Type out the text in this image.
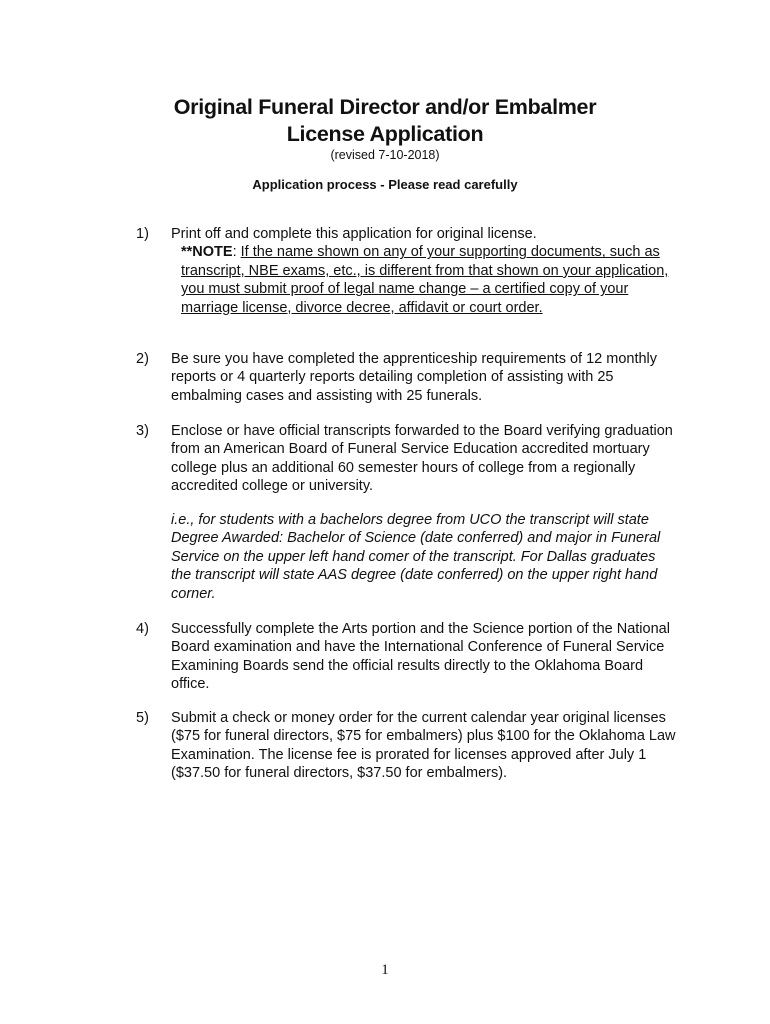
Original Funeral Director and/or Embalmer
License Application
(revised 7-10-2018)
Application process - Please read carefully
1) Print off and complete this application for original license.
**NOTE: If the name shown on any of your supporting documents, such as transcript, NBE exams, etc., is different from that shown on your application, you must submit proof of legal name change – a certified copy of your marriage license, divorce decree, affidavit or court order.
2) Be sure you have completed the apprenticeship requirements of 12 monthly reports or 4 quarterly reports detailing completion of assisting with 25 embalming cases and assisting with 25 funerals.
3) Enclose or have official transcripts forwarded to the Board verifying graduation from an American Board of Funeral Service Education accredited mortuary college plus an additional 60 semester hours of college from a regionally accredited college or university.
i.e., for students with a bachelors degree from UCO the transcript will state Degree Awarded: Bachelor of Science (date conferred) and major in Funeral Service on the upper left hand comer of the transcript. For Dallas graduates the transcript will state AAS degree (date conferred) on the upper right hand corner.
4) Successfully complete the Arts portion and the Science portion of the National Board examination and have the International Conference of Funeral Service Examining Boards send the official results directly to the Oklahoma Board office.
5) Submit a check or money order for the current calendar year original licenses ($75 for funeral directors, $75 for embalmers) plus $100 for the Oklahoma Law Examination. The license fee is prorated for licenses approved after July 1 ($37.50 for funeral directors, $37.50 for embalmers).
1
